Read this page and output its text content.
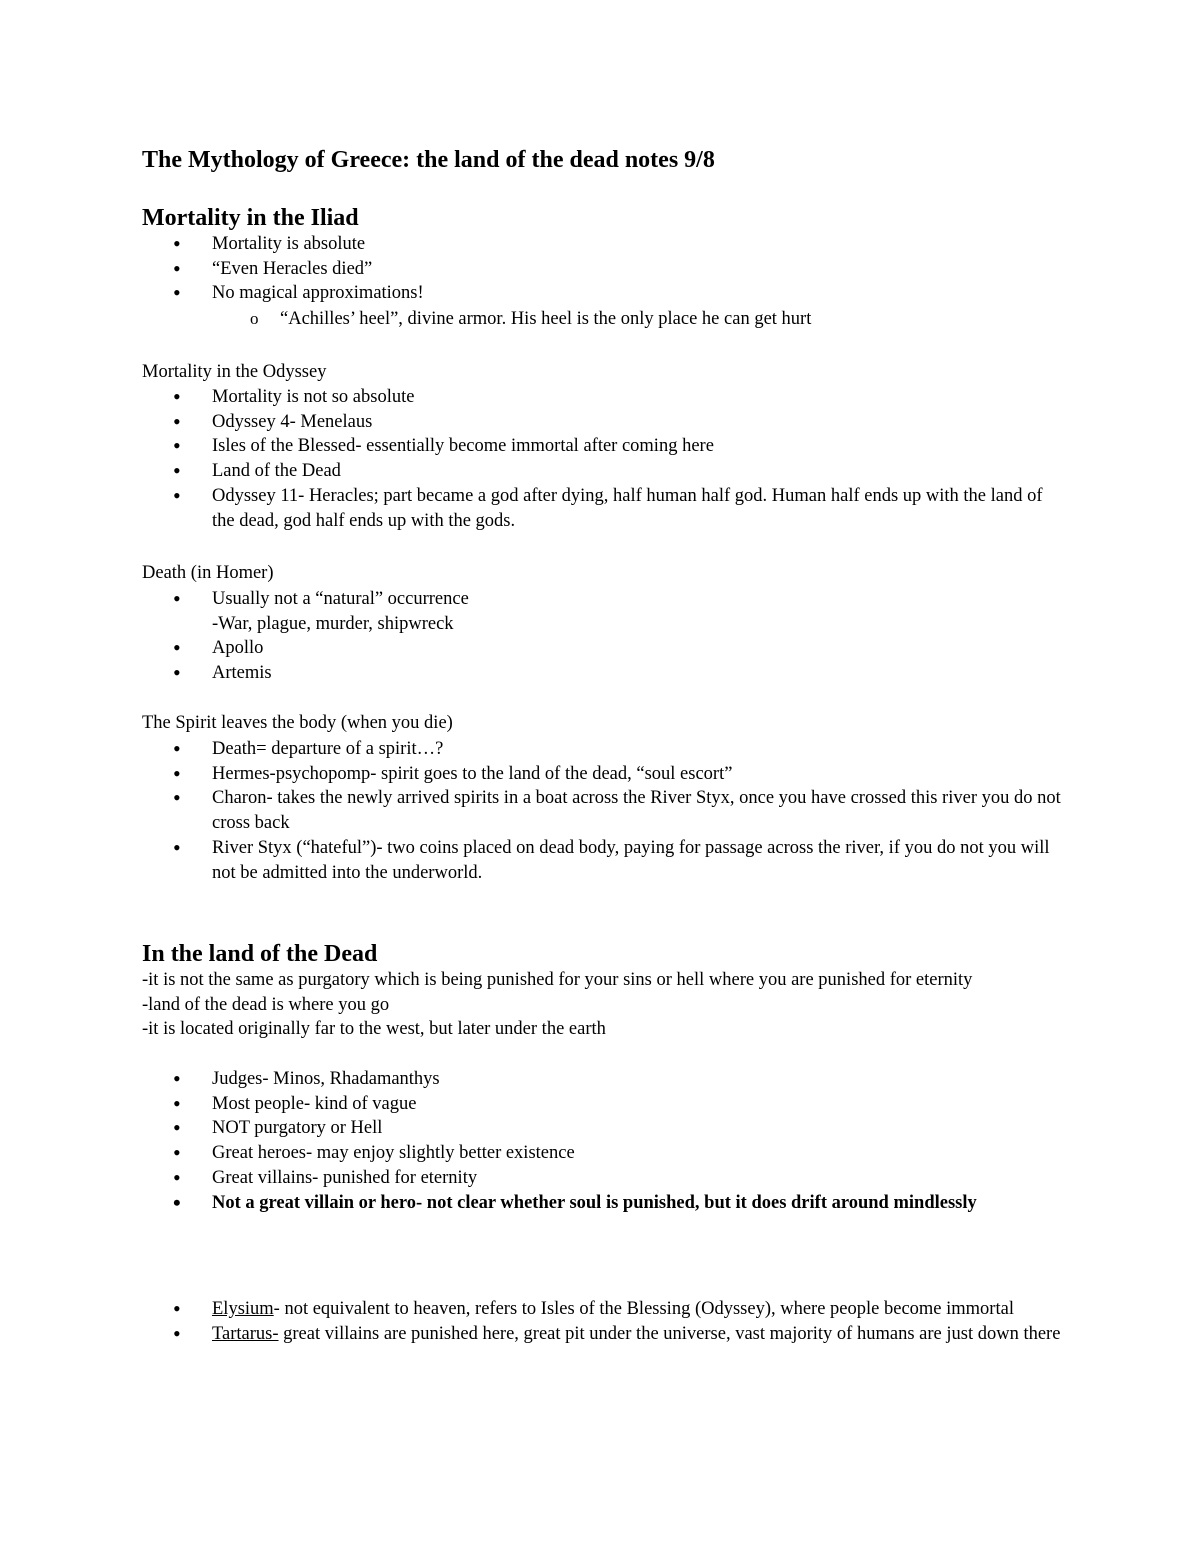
The Mythology of Greece: the land of the dead notes 9/8
Mortality in the Iliad
• Mortality is absolute
• “Even Heracles died”
• No magical approximations!
o “Achilles’ heel”, divine armor. His heel is the only place he can get hurt
Mortality in the Odyssey
• Mortality is not so absolute
• Odyssey 4- Menelaus
• Isles of the Blessed- essentially become immortal after coming here
• Land of the Dead
• Odyssey 11- Heracles; part became a god after dying, half human half god. Human half ends up with the land of the dead, god half ends up with the gods.
Death (in Homer)
• Usually not a “natural” occurrence
-War, plague, murder, shipwreck
• Apollo
• Artemis
The Spirit leaves the body (when you die)
• Death= departure of a spirit…?
• Hermes-psychopomp- spirit goes to the land of the dead, “soul escort”
• Charon- takes the newly arrived spirits in a boat across the River Styx, once you have crossed this river you do not cross back
• River Styx (“hateful”)- two coins placed on dead body, paying for passage across the river, if you do not you will not be admitted into the underworld.
In the land of the Dead
-it is not the same as purgatory which is being punished for your sins or hell where you are punished for eternity
-land of the dead is where you go
-it is located originally far to the west, but later under the earth
• Judges- Minos, Rhadamanthys
• Most people- kind of vague
• NOT purgatory or Hell
• Great heroes- may enjoy slightly better existence
• Great villains- punished for eternity
• Not a great villain or hero- not clear whether soul is punished, but it does drift around mindlessly
• Elysium- not equivalent to heaven, refers to Isles of the Blessing (Odyssey), where people become immortal
• Tartarus- great villains are punished here, great pit under the universe, vast majority of humans are just down there
